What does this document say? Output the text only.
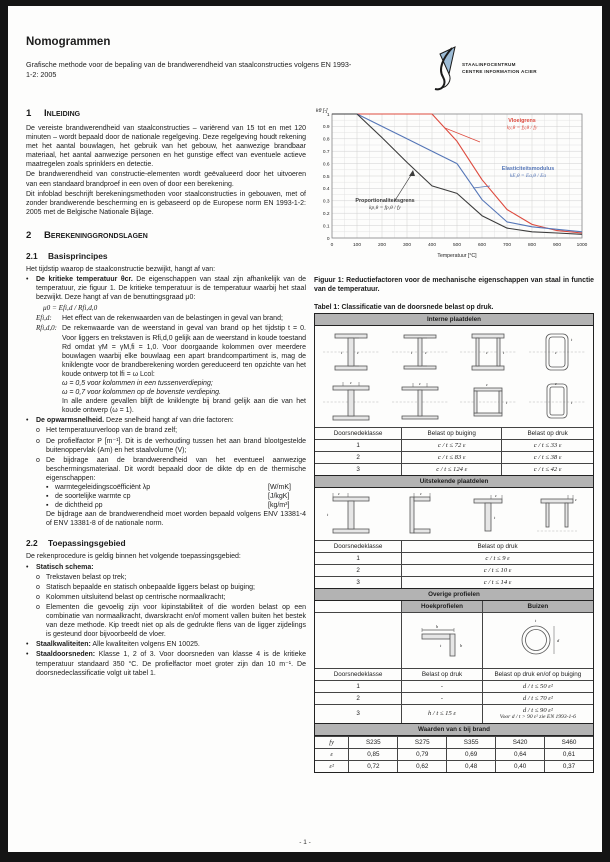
Nomogrammen
Grafische methode voor de bepaling van de brandwerendheid van staalconstructies volgens EN 1993-1-2: 2005
STAALINFOCENTRUM
CENTRE INFORMATION ACIER
1	Inleiding
De vereiste brandwerendheid van staalconstructies – variërend van 15 tot en met 120 minuten – wordt bepaald door de nationale regelgeving. Deze regelgeving houdt rekening met het aantal bouwlagen, het gebruik van het gebouw, het aanwezige brandbaar materiaal, het aantal aanwezige personen en het gunstige effect van eventuele actieve maatregelen zoals sprinklers en detectie.
De brandwerendheid van constructie-elementen wordt geëvalueerd door het uitvoeren van een standaard brandproef in een oven of door een berekening.
Dit infoblad beschrijft berekeningsmethoden voor staalconstructies in gebouwen, met of zonder brandwerende bescherming en is gebaseerd op de Europese norm EN 1993-1-2: 2005 met de Belgische Nationale Bijlage.
2	Berekeninggrondslagen
2.1	Basisprincipes
Het tijdstip waarop de staalconstructie bezwijkt, hangt af van:
•	De kritieke temperatuur θcr. De eigenschappen van staal zijn afhankelijk van de temperatuur, zie figuur 1. De kritieke temperatuur is de temperatuur waarbij het staal bezwijkt. Deze hangt af van de benuttingsgraad μ0:
μ0 = Efi,d / Rfi,d,0
Efi,d:	Het effect van de rekenwaarden van de belastingen in geval van brand;
Rfi,d,0: De rekenwaarde van de weerstand in geval van brand op het tijdstip t = 0. Voor liggers en trekstaven is Rfi,d,0 gelijk aan de weerstand in koude toestand Rd omdat γM = γM,fi = 1,0. Voor doorgaande kolommen over meerdere bouwlagen waarbij elke bouwlaag een apart brandcompartiment is, mag de kniklengte voor de brandberekening worden gereduceerd ten opzichte van het koude ontwerp tot lfi = ω Lcol:
ω = 0,5 voor kolommen in een tussenverdieping;
ω = 0,7 voor kolommen op de bovenste verdieping.
In alle andere gevallen blijft de kniklengte bij brand gelijk aan die van het koude ontwerp (ω = 1).
•	De opwarmsnelheid. Deze snelheid hangt af van drie factoren:
o Het temperatuurverloop van de brand zelf;
o De profielfactor P [m⁻¹]. Dit is de verhouding tussen het aan brand blootgestelde buitenoppervlak (Am) en het staalvolume (V);
o De bijdrage aan de brandwerendheid van het eventueel aanwezige beschermingsmateriaal. Dit wordt bepaald door de dikte dp en de thermische eigenschappen:
▪ warmtegeleidingscoëfficiënt λp	[W/mK]
▪ de soortelijke warmte cp	[J/kgK]
▪ de dichtheid ρp	[kg/m³]
De bijdrage aan de brandwerendheid moet worden bepaald volgens ENV 13381-4 of ENV 13381-8 of de nationale norm.
2.2	Toepassingsgebied
De rekenprocedure is geldig binnen het volgende toepassingsgebied:
•	Statisch schema:
o Trekstaven belast op trek;
o Statisch bepaalde en statisch onbepaalde liggers belast op buiging;
o Kolommen uitsluitend belast op centrische normaalkracht;
o Elementen die gevoelig zijn voor kipinstabiliteit of die worden belast op een combinatie van normaalkracht, dwarskracht en/of moment vallen buiten het bestek van deze methode. Kip treedt niet op als de gedrukte flens van de ligger zijdelings is gesteund door bijvoorbeeld de vloer.
•	Staalkwaliteiten: Alle kwaliteiten volgens EN 10025.
•	Staaldoorsneden: Klasse 1, 2 of 3. Voor doorsneden van klasse 4 is de kritieke temperatuur standaard 350 °C. De profielfactor moet groter zijn dan 10 m⁻¹. De doorsnedeclassificatie volgt uit tabel 1.
0	100	200	300	400	500	600	700	800	900	1000
0
0.1
0.2
0.3
0.4
0.5
0.6
0.7
0.8
0.9
1
kθ [-]
Temperatuur [°C]
Vloeigrens
ky,θ = fy,θ / fy
Elasticiteitsmodulus
kE,θ = Ea,θ / Ea
Proportionaliteitsgrens
kp,θ = fp,θ / fy
Figuur 1: Reductiefactoren voor de mechanische eigenschappen van staal in functie van de temperatuur.
Tabel 1: Classificatie van de doorsnede belast op druk.
Interne plaatdelen
c
t	c
t	c	t	c
t
c	c	c
t
c
t
Doorsnedeklasse	Belast op buiging	Belast op druk
1	c / t ≤ 72 ε	c / t ≤ 33 ε
2	c / t ≤ 83 ε	c / t ≤ 38 ε
3	c / t ≤ 124 ε	c / t ≤ 42 ε
Uitstekende plaatdelen
c
t
c	c
t
c
Doorsnedeklasse	Belast op druk
1	c / t ≤ 9 ε
2	c / t ≤ 10 ε
3	c / t ≤ 14 ε
Overige profielen
Hoekprofielen	Buizen
h
b
t
d
t
Doorsnedeklasse	Belast op druk	Belast op druk en/of op buiging
1	-	d / t ≤ 50 ε²
2	-	d / t ≤ 70 ε²
3	h / t ≤ 15 ε	d / t ≤ 90 ε²
Voor d / t > 90 ε² zie EN 1993-1-6
Waarden van ε bij brand
fy	S235	S275	S355	S420	S460
ε	0,85	0,79	0,69	0,64	0,61
ε²	0,72	0,62	0,48	0,40	0,37
- 1 -
